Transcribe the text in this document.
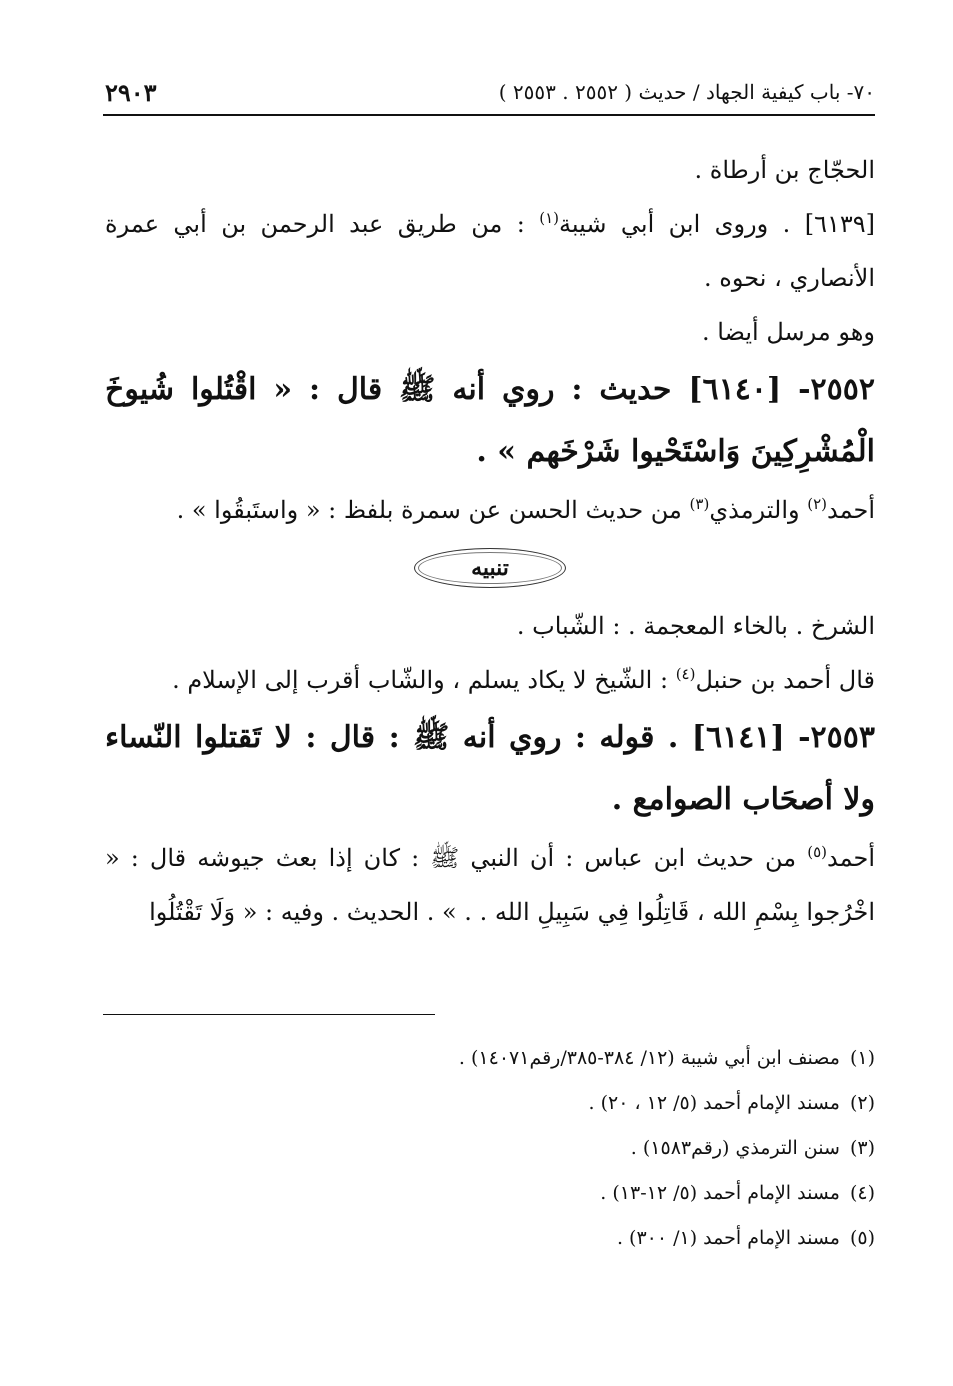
٧٠- باب كيفية الجهاد / حديث ( ٢٥٥٢ . ٢٥٥٣ )
٢٩٠٣

الحجّاج بن أرطاة .

[٦١٣٩] . وروى ابن أبي شيبة$^{(١)}$ : من طريق عبد الرحمن بن أبي عمرة الأنصاري ، نحوه .

وهو مرسل أيضا .

٢٥٥٢- [٦١٤٠] حديث : روي أنه ﷺ قال : « اقْتُلوا شُيوخَ الْمُشْرِكِينَ وَاسْتَحْيوا شَرْخَهم » .

أحمد$^{(٢)}$ والترمذي$^{(٣)}$ من حديث الحسن عن سمرة بلفظ : « واستَبقُوا » .

تنبيه

الشرخ . بالخاء المعجمة . : الشّباب .

قال أحمد بن حنبل$^{(٤)}$ : الشّيخ لا يكاد يسلم ، والشّاب أقرب إلى الإسلام .

٢٥٥٣- [٦١٤١] . قوله : روي أنه ﷺ : قال : لا تَقتلوا النّساء ولا أصحَاب الصوامع .

أحمد$^{(٥)}$ من حديث ابن عباس : أن النبي ﷺ : كان إذا بعث جيوشه قال : « اخْرُجوا بِسْمِ الله ، قَاتِلُوا فِي سَبِيلِ الله . . » . الحديث . وفيه : « وَلَا تَقْتُلُوا

(١)مصنف ابن أبي شيبة (١٢/ ٣٨٤-٣٨٥/رقم١٤٠٧١) .

(٢)مسند الإمام أحمد (٥/ ١٢ ، ٢٠) .

(٣)سنن الترمذي (رقم١٥٨٣) .

(٤)مسند الإمام أحمد (٥/ ١٢-١٣) .

(٥)مسند الإمام أحمد (١/ ٣٠٠) .
